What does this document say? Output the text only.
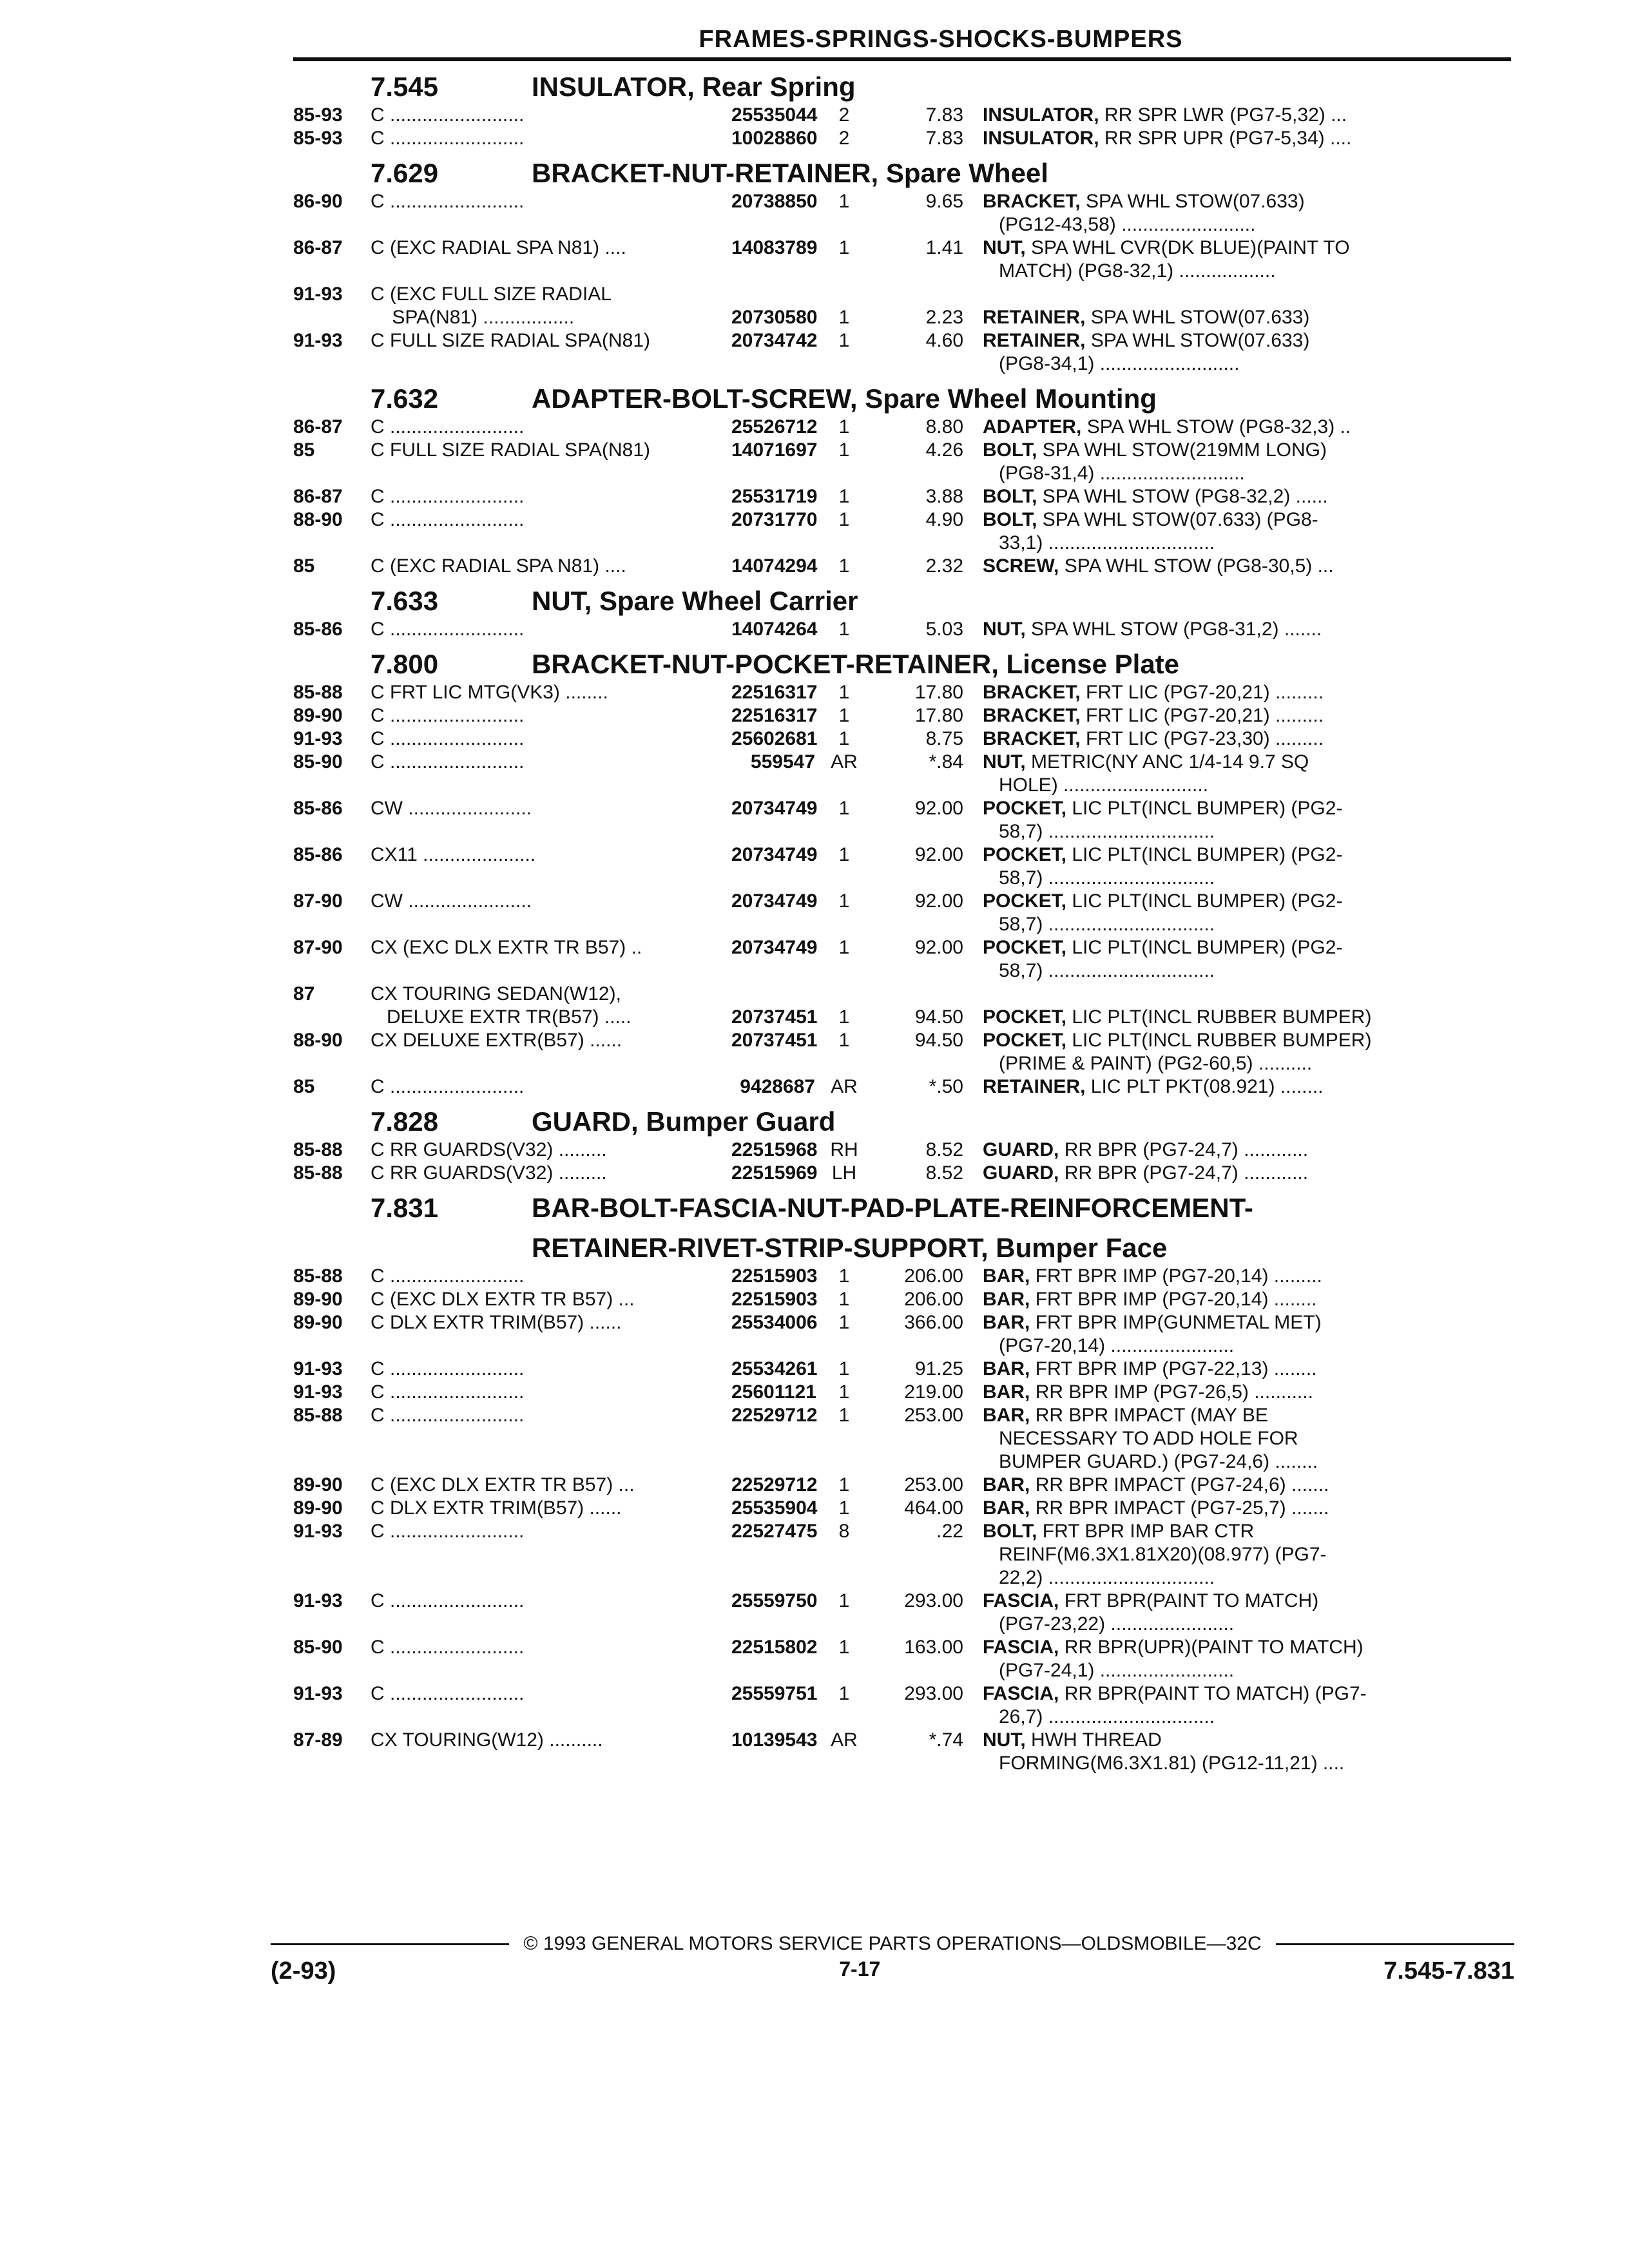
FRAMES-SPRINGS-SHOCKS-BUMPERS
7.545	INSULATOR, Rear Spring
85-93	C .........................	25535044	2	7.83	INSULATOR, RR SPR LWR (PG7-5,32) ...
85-93	C .........................	10028860	2	7.83	INSULATOR, RR SPR UPR (PG7-5,34) ....
7.629	BRACKET-NUT-RETAINER, Spare Wheel
86-90	C .........................	20738850	1	9.65	BRACKET, SPA WHL STOW(07.633)
(PG12-43,58) .........................
86-87	C (EXC RADIAL SPA N81) ....	14083789	1	1.41	NUT, SPA WHL CVR(DK BLUE)(PAINT TO
MATCH) (PG8-32,1) ..................
91-93	C (EXC FULL SIZE RADIAL
SPA(N81) .................	20730580	1	2.23	RETAINER, SPA WHL STOW(07.633)
91-93	C FULL SIZE RADIAL SPA(N81)	20734742	1	4.60	RETAINER, SPA WHL STOW(07.633)
(PG8-34,1) ..........................
7.632	ADAPTER-BOLT-SCREW, Spare Wheel Mounting
86-87	C .........................	25526712	1	8.80	ADAPTER, SPA WHL STOW (PG8-32,3) ..
85	C FULL SIZE RADIAL SPA(N81)	14071697	1	4.26	BOLT, SPA WHL STOW(219MM LONG)
(PG8-31,4) ...........................
86-87	C .........................	25531719	1	3.88	BOLT, SPA WHL STOW (PG8-32,2) ......
88-90	C .........................	20731770	1	4.90	BOLT, SPA WHL STOW(07.633) (PG8-
33,1) ...............................
85	C (EXC RADIAL SPA N81) ....	14074294	1	2.32	SCREW, SPA WHL STOW (PG8-30,5) ...
7.633	NUT, Spare Wheel Carrier
85-86	C .........................	14074264	1	5.03	NUT, SPA WHL STOW (PG8-31,2) .......
7.800	BRACKET-NUT-POCKET-RETAINER, License Plate
85-88	C FRT LIC MTG(VK3) ........	22516317	1	17.80	BRACKET, FRT LIC (PG7-20,21) .........
89-90	C .........................	22516317	1	17.80	BRACKET, FRT LIC (PG7-20,21) .........
91-93	C .........................	25602681	1	8.75	BRACKET, FRT LIC (PG7-23,30) .........
85-90	C .........................	559547 AR	*.84	NUT, METRIC(NY ANC 1/4-14 9.7 SQ
HOLE) ...........................
85-86	CW .......................	20734749	1	92.00	POCKET, LIC PLT(INCL BUMPER) (PG2-
58,7) ...............................
85-86	CX11 .....................	20734749	1	92.00	POCKET, LIC PLT(INCL BUMPER) (PG2-
58,7) ...............................
87-90	CW .......................	20734749	1	92.00	POCKET, LIC PLT(INCL BUMPER) (PG2-
58,7) ...............................
87-90	CX (EXC DLX EXTR TR B57) ..	20734749	1	92.00	POCKET, LIC PLT(INCL BUMPER) (PG2-
58,7) ...............................
87	CX TOURING SEDAN(W12),
DELUXE EXTR TR(B57) .....	20737451	1	94.50	POCKET, LIC PLT(INCL RUBBER BUMPER)
88-90	CX DELUXE EXTR(B57) ......	20737451	1	94.50	POCKET, LIC PLT(INCL RUBBER BUMPER)
(PRIME & PAINT) (PG2-60,5) ..........
85	C .........................	9428687 AR	*.50	RETAINER, LIC PLT PKT(08.921) ........
7.828	GUARD, Bumper Guard
85-88	C RR GUARDS(V32) .........	22515968 RH	8.52	GUARD, RR BPR (PG7-24,7) ............
85-88	C RR GUARDS(V32) .........	22515969 LH	8.52	GUARD, RR BPR (PG7-24,7) ............
7.831	BAR-BOLT-FASCIA-NUT-PAD-PLATE-REINFORCEMENT-
RETAINER-RIVET-STRIP-SUPPORT, Bumper Face
85-88	C .........................	22515903	1	206.00	BAR, FRT BPR IMP (PG7-20,14) .........
89-90	C (EXC DLX EXTR TR B57) ...	22515903	1	206.00	BAR, FRT BPR IMP (PG7-20,14) ........
89-90	C DLX EXTR TRIM(B57) ......	25534006	1	366.00	BAR, FRT BPR IMP(GUNMETAL MET)
(PG7-20,14) .......................
91-93	C .........................	25534261	1	91.25	BAR, FRT BPR IMP (PG7-22,13) ........
91-93	C .........................	25601121	1	219.00	BAR, RR BPR IMP (PG7-26,5) ...........
85-88	C .........................	22529712	1	253.00	BAR, RR BPR IMPACT (MAY BE
NECESSARY TO ADD HOLE FOR
BUMPER GUARD.) (PG7-24,6) ........
89-90	C (EXC DLX EXTR TR B57) ...	22529712	1	253.00	BAR, RR BPR IMPACT (PG7-24,6) .......
89-90	C DLX EXTR TRIM(B57) ......	25535904	1	464.00	BAR, RR BPR IMPACT (PG7-25,7) .......
91-93	C .........................	22527475	8	.22	BOLT, FRT BPR IMP BAR CTR
REINF(M6.3X1.81X20)(08.977) (PG7-
22,2) ...............................
91-93	C .........................	25559750	1	293.00	FASCIA, FRT BPR(PAINT TO MATCH)
(PG7-23,22) .......................
85-90	C .........................	22515802	1	163.00	FASCIA, RR BPR(UPR)(PAINT TO MATCH)
(PG7-24,1) .........................
91-93	C .........................	25559751	1	293.00	FASCIA, RR BPR(PAINT TO MATCH) (PG7-
26,7) ...............................
87-89	CX TOURING(W12) ..........	10139543 AR	*.74	NUT, HWH THREAD
FORMING(M6.3X1.81) (PG12-11,21) ....
© 1993 GENERAL MOTORS SERVICE PARTS OPERATIONS—OLDSMOBILE—32C
(2-93)	7-17	7.545-7.831
